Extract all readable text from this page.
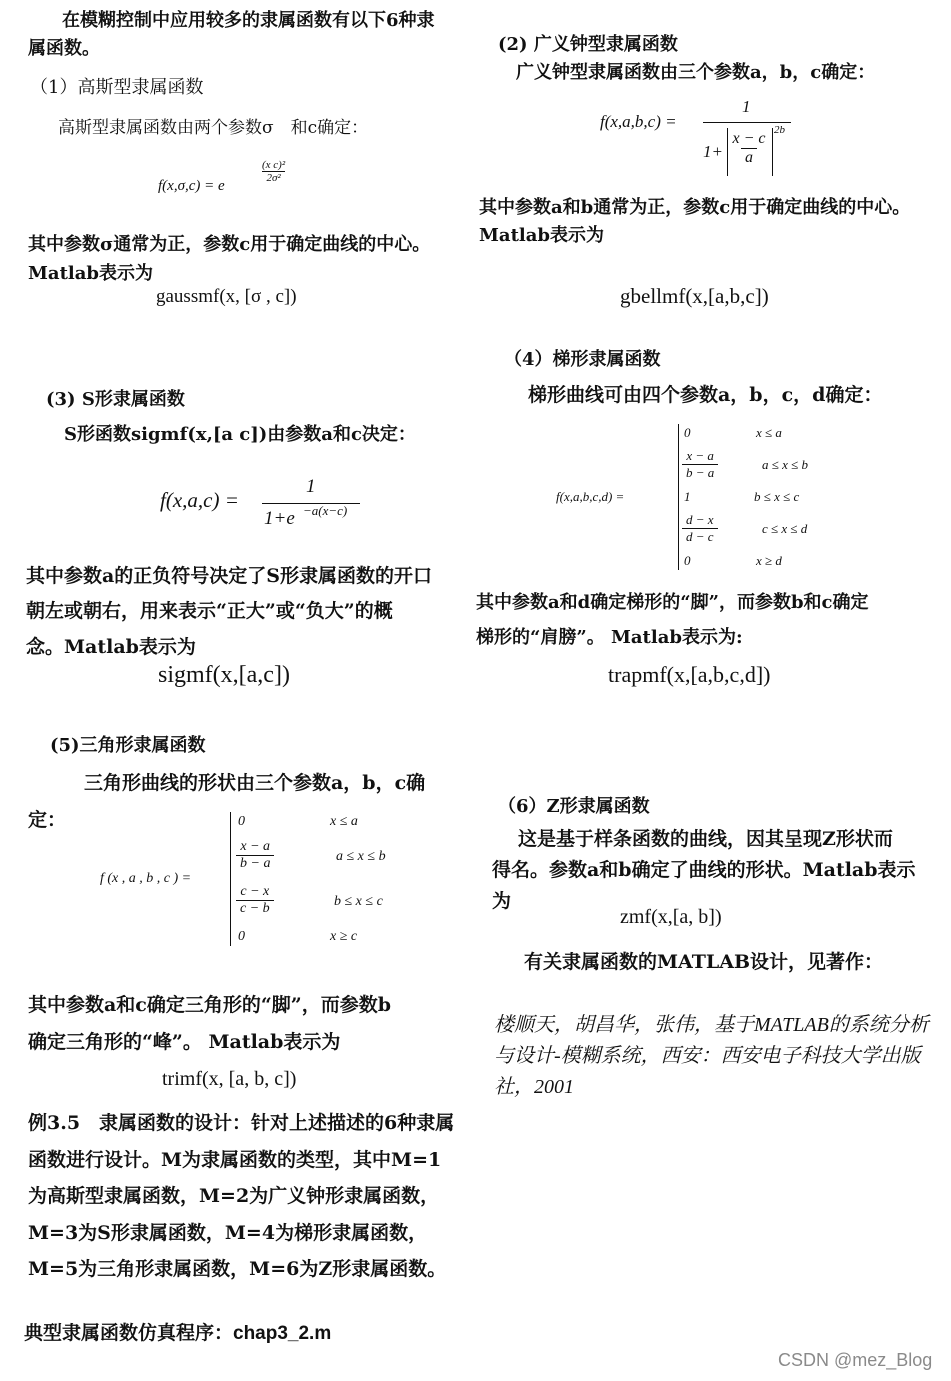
在模糊控制中应用较多的隶属函数有以下6种隶
属函数。
（1）高斯型隶属函数
高斯型隶属函数由两个参数σ　和c确定：
f(x,σ,c) = e
$\frac{\text{(x c)²}}{\text{2σ²}}$
其中参数σ通常为正，参数c用于确定曲线的中心。
Matlab表示为
gaussmf(x, [σ , c])
(2) 广义钟型隶属函数
广义钟型隶属函数由三个参数a，b，c确定：
f(x,a,b,c) =
1
$1+ \frac{x - c}{a} 2b$
其中参数a和b通常为正，参数c用于确定曲线的中心。
Matlab表示为
gbellmf(x,[a,b,c])
(3) S形隶属函数
S形函数sigmf(x,[a c])由参数a和c决定：
f(x,a,c) =
1
1+e −a(x−c)
其中参数a的正负符号决定了S形隶属函数的开口
朝左或朝右，用来表示“正大”或“负大”的概
念。Matlab表示为
sigmf(x,[a,c])
（4）梯形隶属函数
梯形曲线可由四个参数a，b，c，d确定：
f(x,a,b,c,d) =
0	x ≤ a
$\frac{x - a}{b - a}$	a ≤ x ≤ b
1	b ≤ x ≤ c
$\frac{d - x}{d - c}$	c ≤ x ≤ d
0	x ≥ d
其中参数a和d确定梯形的“脚”，而参数b和c确定
梯形的“肩膀”。 Matlab表示为:
trapmf(x,[a,b,c,d])
(5)三角形隶属函数
三角形曲线的形状由三个参数a，b，c确
定：
f (x , a , b , c ) =
0	x ≤ a
$\frac{x - a}{b - a}$	a ≤ x ≤ b
$\frac{c - x}{c - b}$	b ≤ x ≤ c
0	x ≥ c
其中参数a和c确定三角形的“脚”，而参数b
确定三角形的“峰”。 Matlab表示为
trimf(x, [a, b, c])
（6）Z形隶属函数
这是基于样条函数的曲线，因其呈现Z形状而
得名。参数a和b确定了曲线的形状。Matlab表示
为
zmf(x,[a, b])
有关隶属函数的MATLAB设计，见著作：
楼顺天，胡昌华，张伟，基于MATLAB的系统分析
与设计-模糊系统，西安：西安电子科技大学出版
社，2001
例3.5　隶属函数的设计：针对上述描述的6种隶属
函数进行设计。M为隶属函数的类型，其中M=1
为高斯型隶属函数，M=2为广义钟形隶属函数，
M=3为S形隶属函数，M=4为梯形隶属函数，
M=5为三角形隶属函数，M=6为Z形隶属函数。
典型隶属函数仿真程序：chap3_2.m
CSDN @mez_Blog
